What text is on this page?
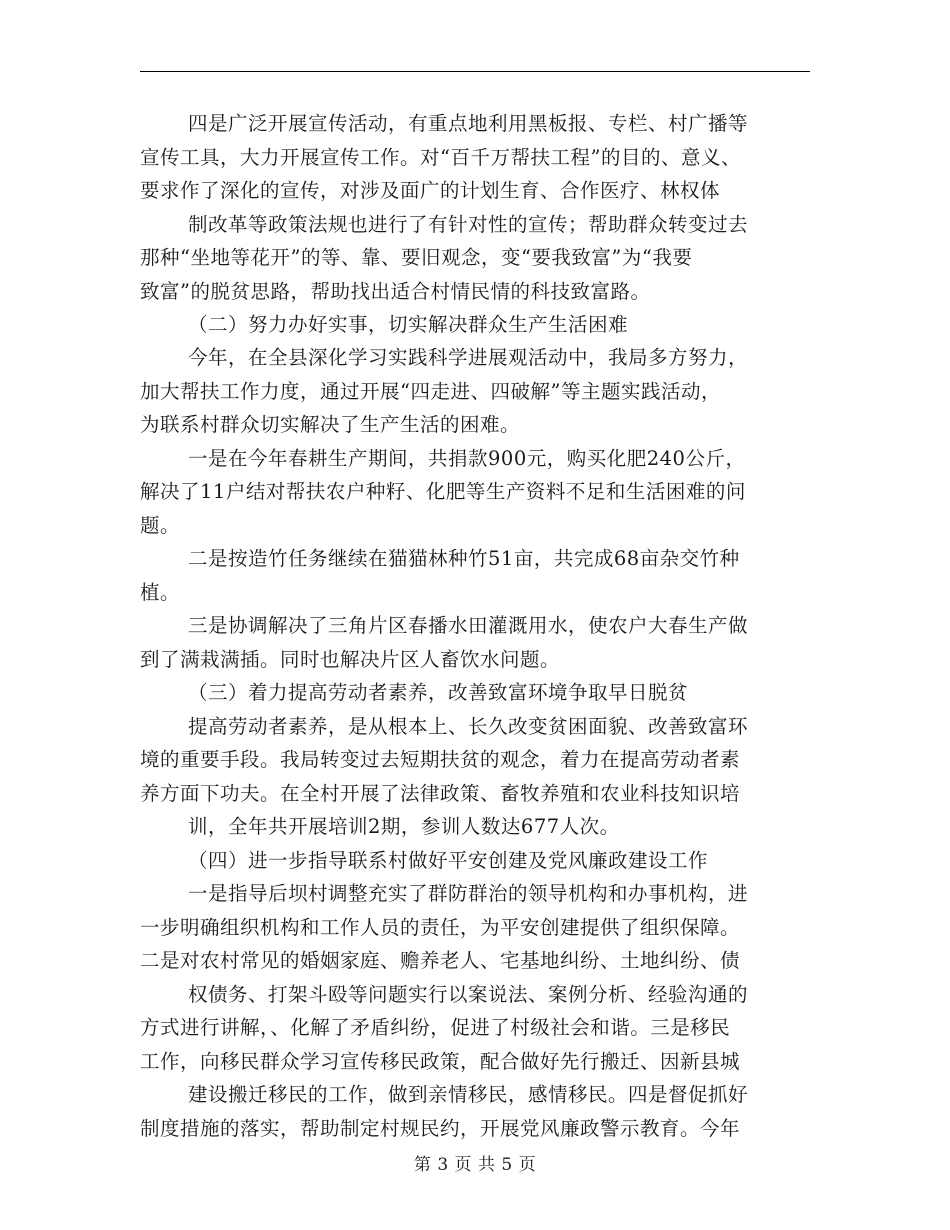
四是广泛开展宣传活动，有重点地利用黑板报、专栏、村广播等
宣传工具，大力开展宣传工作。对“百千万帮扶工程”的目的、意义、
要求作了深化的宣传，对涉及面广的计划生育、合作医疗、林权体
制改革等政策法规也进行了有针对性的宣传；帮助群众转变过去
那种“坐地等花开”的等、靠、要旧观念，变“要我致富”为“我要
致富”的脱贫思路，帮助找出适合村情民情的科技致富路。
（二）努力办好实事，切实解决群众生产生活困难
今年，在全县深化学习实践科学进展观活动中，我局多方努力，
加大帮扶工作力度，通过开展“四走进、四破解”等主题实践活动，
为联系村群众切实解决了生产生活的困难。
一是在今年春耕生产期间，共捐款900元，购买化肥240公斤，
解决了11户结对帮扶农户种籽、化肥等生产资料不足和生活困难的问
题。
二是按造竹任务继续在猫猫林种竹51亩，共完成68亩杂交竹种
植。
三是协调解决了三角片区春播水田灌溉用水，使农户大春生产做
到了满栽满插。同时也解决片区人畜饮水问题。
（三）着力提高劳动者素养，改善致富环境争取早日脱贫
提高劳动者素养，是从根本上、长久改变贫困面貌、改善致富环
境的重要手段。我局转变过去短期扶贫的观念，着力在提高劳动者素
养方面下功夫。在全村开展了法律政策、畜牧养殖和农业科技知识培
训，全年共开展培训2期，参训人数达677人次。
（四）进一步指导联系村做好平安创建及党风廉政建设工作
一是指导后坝村调整充实了群防群治的领导机构和办事机构，进
一步明确组织机构和工作人员的责任，为平安创建提供了组织保障。
二是对农村常见的婚姻家庭、赡养老人、宅基地纠纷、土地纠纷、债
权债务、打架斗殴等问题实行以案说法、案例分析、经验沟通的
方式进行讲解，、化解了矛盾纠纷，促进了村级社会和谐。三是移民
工作，向移民群众学习宣传移民政策，配合做好先行搬迁、因新县城
建设搬迁移民的工作，做到亲情移民，感情移民。四是督促抓好
制度措施的落实，帮助制定村规民约，开展党风廉政警示教育。今年
第 3 页 共 5 页
